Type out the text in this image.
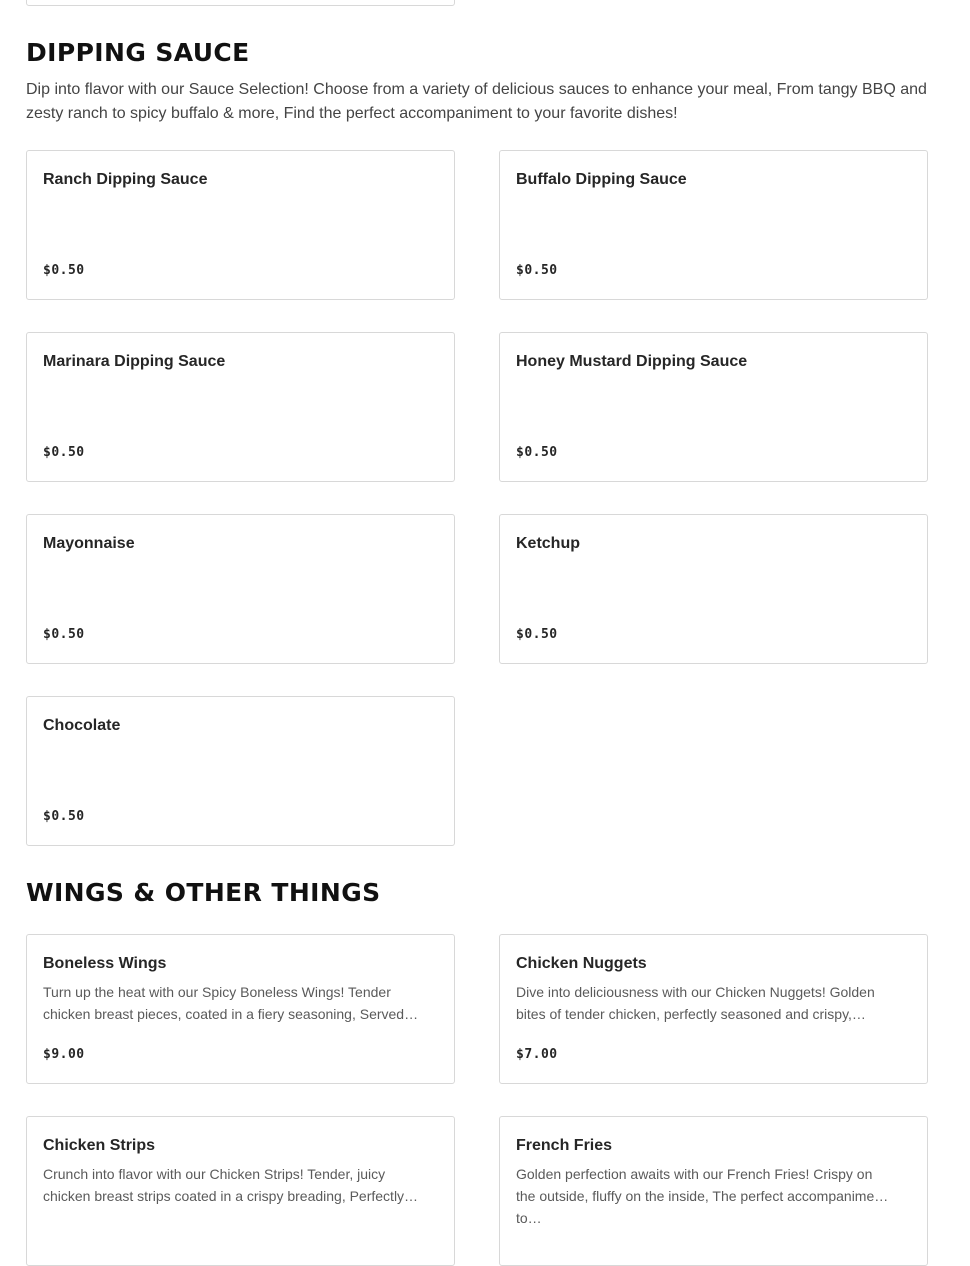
DIPPING SAUCE

Dip into flavor with our Sauce Selection! Choose from a variety of delicious sauces to enhance your meal, From tangy BBQ and zesty ranch to spicy buffalo & more, Find the perfect accompaniment to your favorite dishes!

Ranch Dipping Sauce
$0.50
Buffalo Dipping Sauce
$0.50
Marinara Dipping Sauce
$0.50
Honey Mustard Dipping Sauce
$0.50
Mayonnaise
$0.50
Ketchup
$0.50
Chocolate
$0.50
WINGS & OTHER THINGS
Boneless Wings
Turn up the heat with our Spicy Boneless Wings! Tender chicken breast pieces, coated in a fiery seasoning, Served…
$9.00
Chicken Nuggets
Dive into deliciousness with our Chicken Nuggets! Golden bites of tender chicken, perfectly seasoned and crispy,…
$7.00
Chicken Strips
Crunch into flavor with our Chicken Strips! Tender, juicy chicken breast strips coated in a crispy breading, Perfectly…
French Fries
Golden perfection awaits with our French Fries! Crispy on the outside, fluffy on the inside, The perfect accompaniment to…
